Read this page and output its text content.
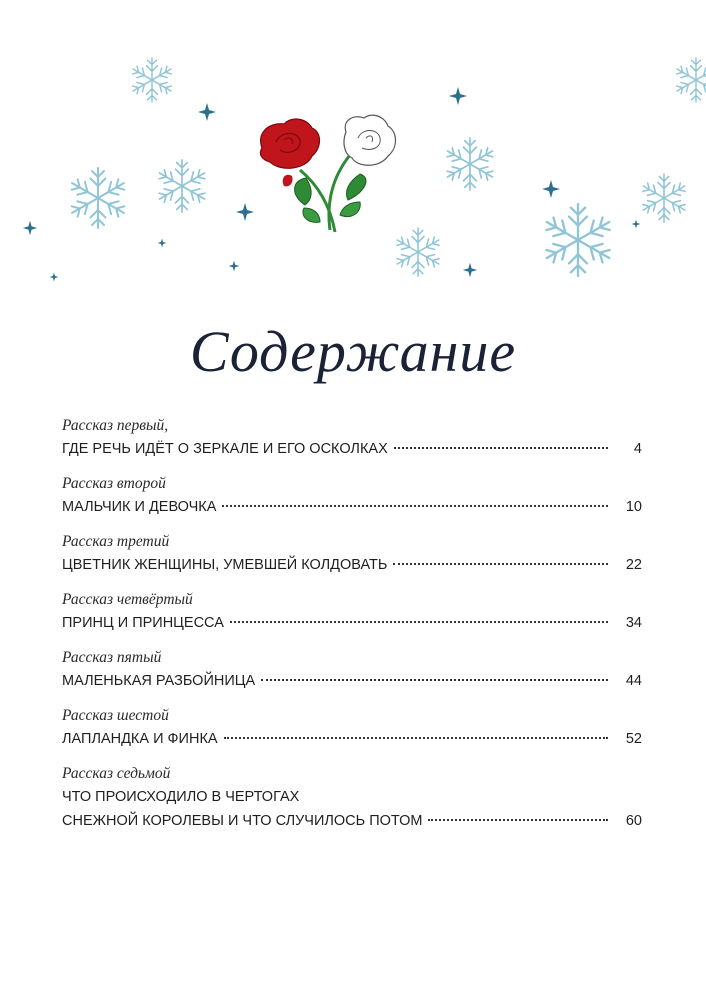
Содержание
Рассказ первый,
ГДЕ РЕЧЬ ИДЁТ О ЗЕРКАЛЕ И ЕГО ОСКОЛКАХ	4
Рассказ второй
МАЛЬЧИК И ДЕВОЧКА	10
Рассказ третий
ЦВЕТНИК ЖЕНЩИНЫ, УМЕВШЕЙ КОЛДОВАТЬ	22
Рассказ четвёртый
ПРИНЦ И ПРИНЦЕССА	34
Рассказ пятый
МАЛЕНЬКАЯ РАЗБОЙНИЦА	44
Рассказ шестой
ЛАПЛАНДКА И ФИНКА	52
Рассказ седьмой
ЧТО ПРОИСХОДИЛО В ЧЕРТОГАХ
СНЕЖНОЙ КОРОЛЕВЫ И ЧТО СЛУЧИЛОСЬ ПОТОМ	60
